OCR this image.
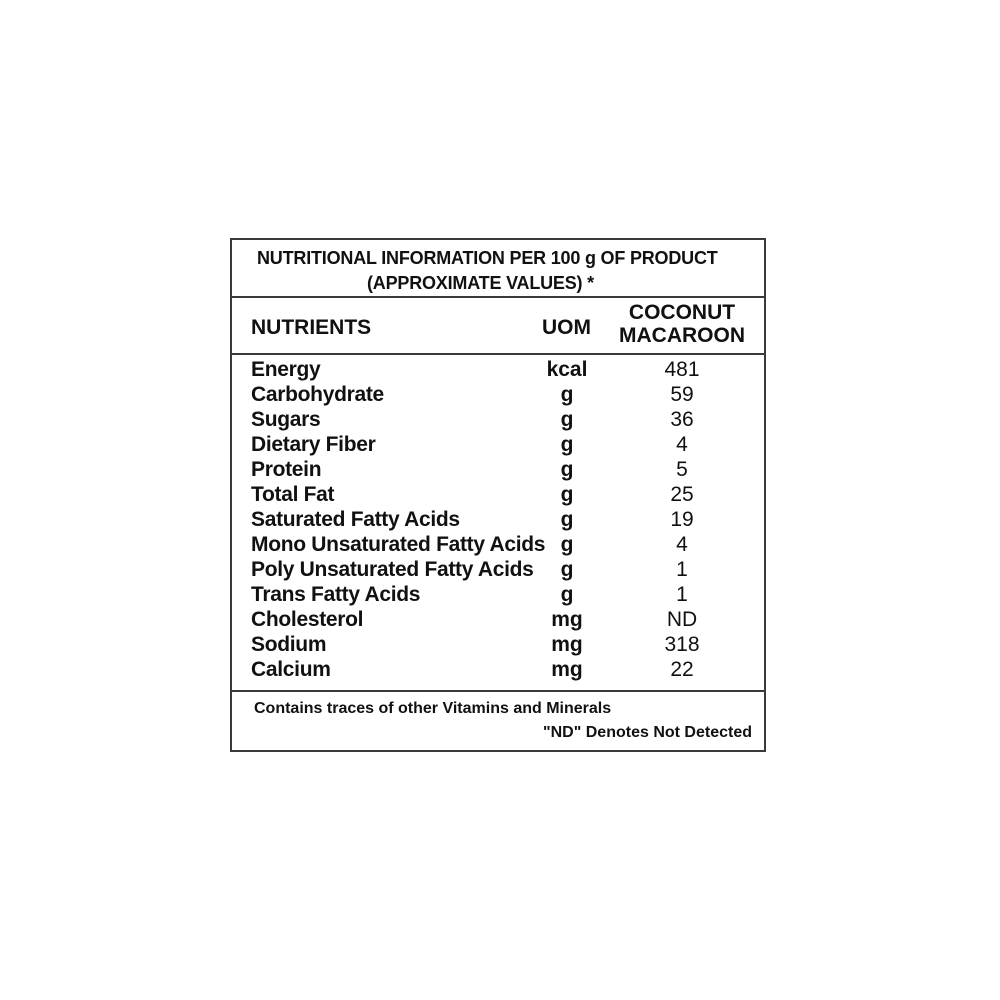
NUTRITIONAL INFORMATION PER 100 g OF PRODUCT
(APPROXIMATE VALUES) *
NUTRIENTS	UOM
COCONUT
MACAROON
Energy	kcal	481
Carbohydrate	g	59
Sugars	g	36
Dietary Fiber	g	4
Protein	g	5
Total Fat	g	25
Saturated Fatty Acids	g	19
Mono Unsaturated Fatty Acids g	4
Poly Unsaturated Fatty Acids	g	1
Trans Fatty Acids	g	1
Cholesterol	mg	ND
Sodium	mg	318
Calcium	mg	22
Contains traces of other Vitamins and Minerals
"ND" Denotes Not Detected
